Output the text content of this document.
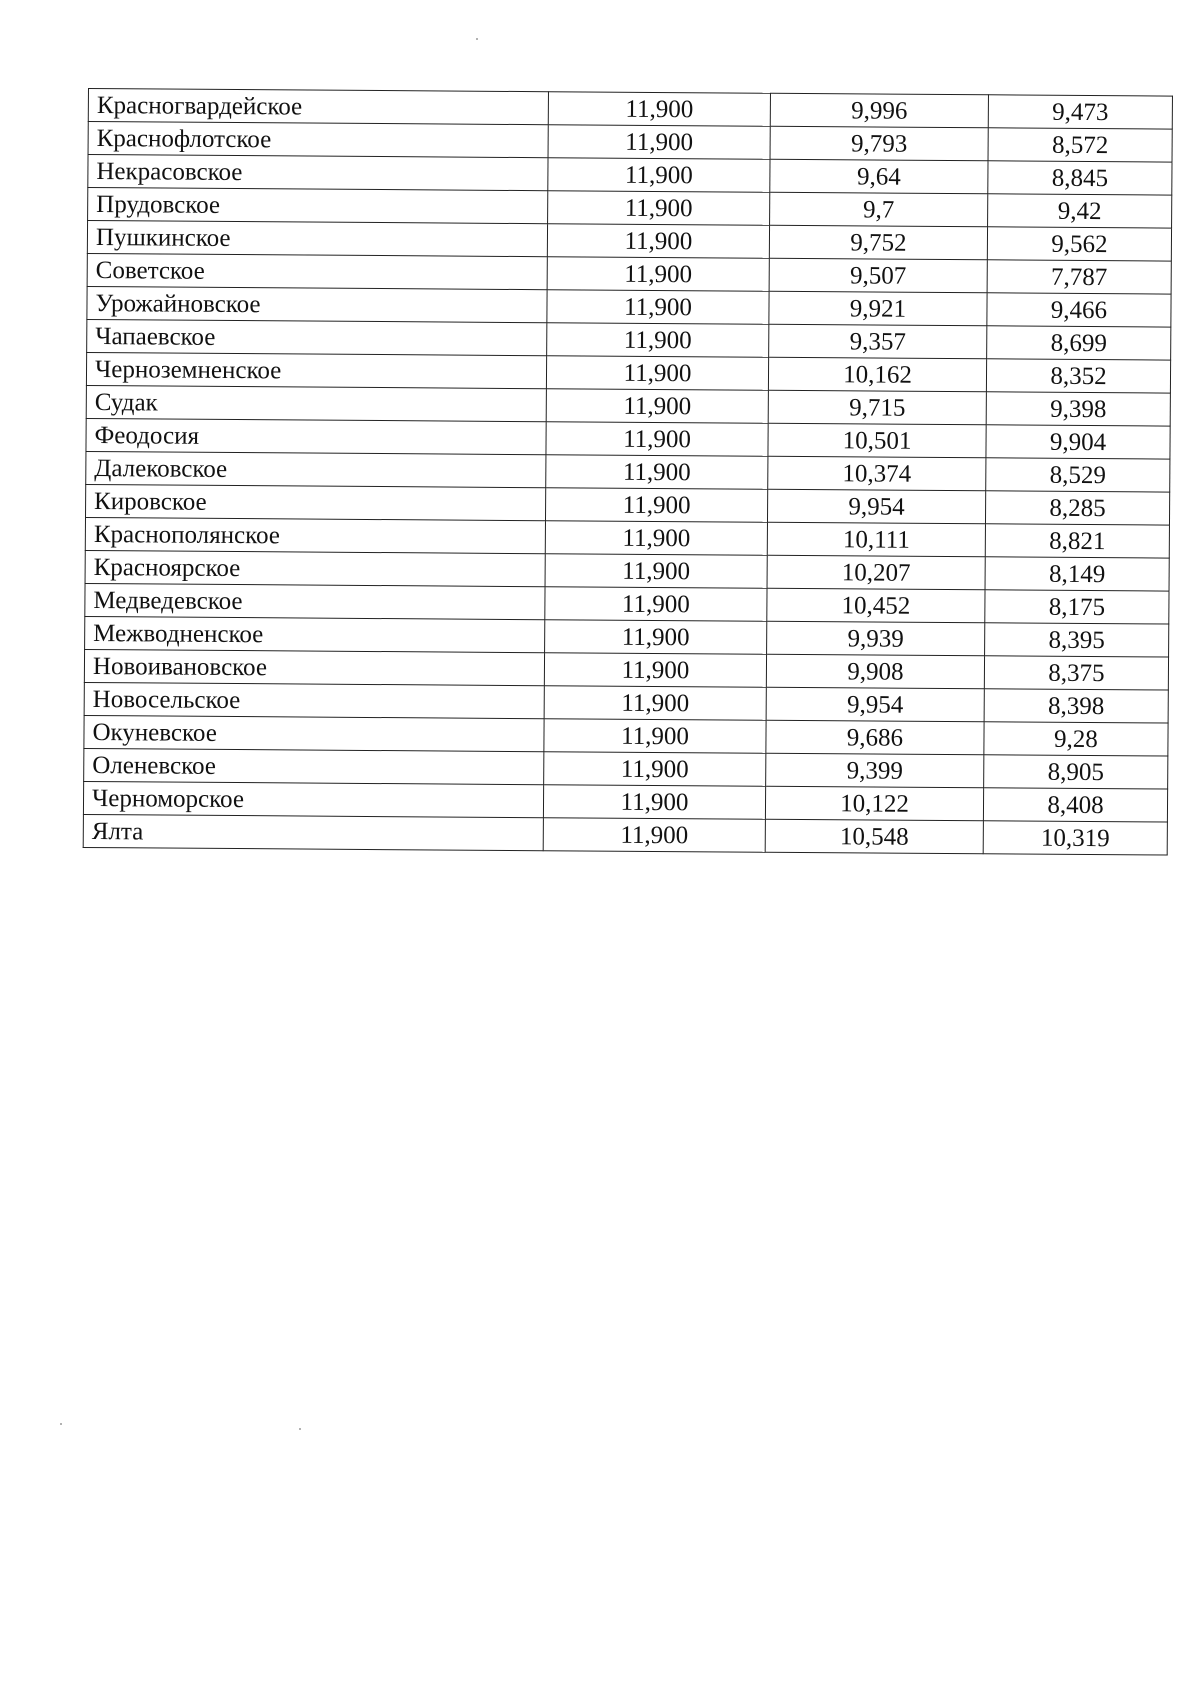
Красногвардейское	11,900	9,996	9,473
Краснофлотское	11,900	9,793	8,572
Некрасовское	11,900	9,64	8,845
Прудовское	11,900	9,7	9,42
Пушкинское	11,900	9,752	9,562
Советское	11,900	9,507	7,787
Урожайновское	11,900	9,921	9,466
Чапаевское	11,900	9,357	8,699
Черноземненское	11,900	10,162	8,352
Судак	11,900	9,715	9,398
Феодосия	11,900	10,501	9,904
Далековское	11,900	10,374	8,529
Кировское	11,900	9,954	8,285
Краснополянское	11,900	10,111	8,821
Красноярское	11,900	10,207	8,149
Медведевское	11,900	10,452	8,175
Межводненское	11,900	9,939	8,395
Новоивановское	11,900	9,908	8,375
Новосельское	11,900	9,954	8,398
Окуневское	11,900	9,686	9,28
Оленевское	11,900	9,399	8,905
Черноморское	11,900	10,122	8,408
Ялта	11,900	10,548	10,319
